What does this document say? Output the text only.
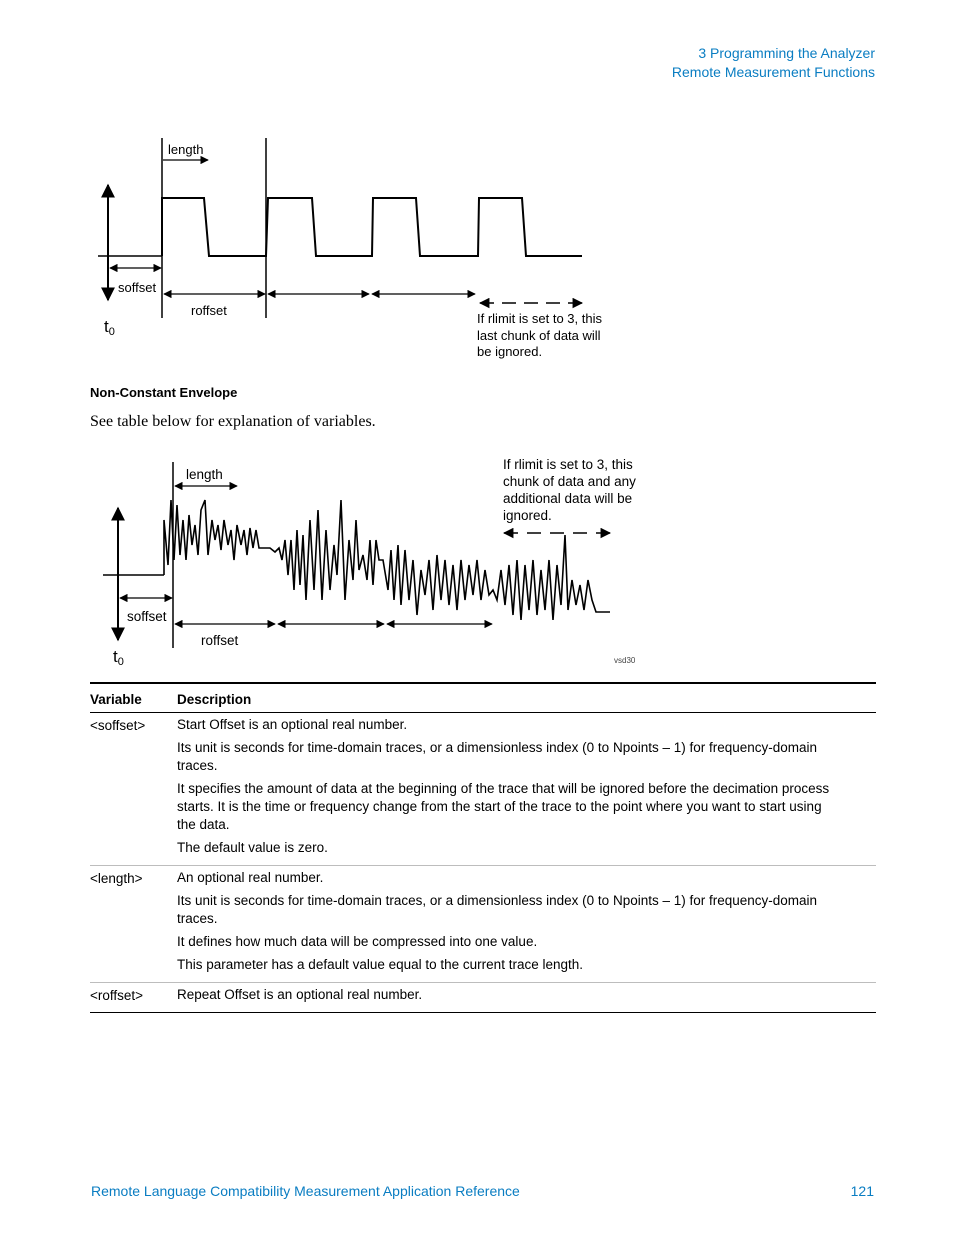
3 Programming the Analyzer
Remote Measurement Functions
length
soffset
roffset
t0
If rlimit is set to 3, this last chunk of data will be ignored.
length
soffset
roffset
t0
If rlimit is set to 3, this chunk of data and any additional data will be ignored.
vsd30
Non-Constant Envelope
See table below for explanation of variables.
Variable	Description
<soffset>	Start Offset is an optional real number.

Its unit is seconds for time-domain traces, or a dimensionless index (0 to Npoints – 1) for frequency-domain traces.

It specifies the amount of data at the beginning of the trace that will be ignored before the decimation process starts. It is the time or frequency change from the start of the trace to the point where you want to start using the data.

The default value is zero.

<length>	An optional real number.

Its unit is seconds for time-domain traces, or a dimensionless index (0 to Npoints – 1) for frequency-domain traces.

It defines how much data will be compressed into one value.

This parameter has a default value equal to the current trace length.

<roffset>	Repeat Offset is an optional real number.

Remote Language Compatibility Measurement Application Reference	121
